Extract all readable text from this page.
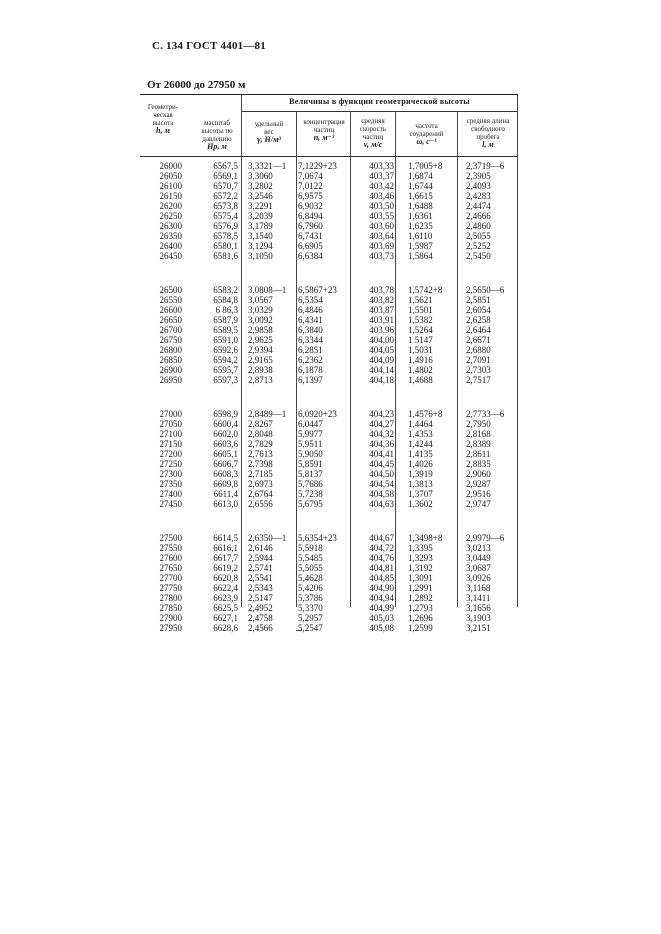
С. 134 ГОСТ 4401—81
От 26000 до 27950 м
Величины в функции геометрической высоты
Геометри-
ческая
высота
h, м
масштаб
высоты по
давлению
Hp, м
удельный
вес
γ, Н/м³
концентрация
частиц
n, м⁻³
средняя
скорость
частиц
v, м/с
частота
соударений
ω, с⁻¹
средняя длина
свободного
пробега
l, м
26000
26050
26100
26150
26200
26250
26300
26350
26400
26450
26500
26550
26600
26650
26700
26750
26800
26850
26900
26950
27000
27050
27100
27150
27200
27250
27300
27350
27400
27450
27500
27550
27600
27650
27700
27750
27800
27850
27900
27950
6567,5
6569,1
6570,7
6572,2
6573,8
6575,4
6576,9
6578,5
6580,1
6581,6
6583,2
6584,8
6 86,3
6587,9
6589,5
6591,0
6592,6
6594,2
6595,7
6597,3
6598,9
6600,4
6602,0
6603,6
6605,1
6606,7
6608,3
6609,8
6611,4
6613,0
6614,5
6616,1
6617,7
6619,2
6620,8
6622,4
6623,9
6625,5
6627,1
6628,6
3,3321—1
3,3060
3,2802
3,2546
3,2291
3,2039
3,1789
3,1540
3,1294
3,1050
3,0808—1
3,0567
3,0329
3,0092
2,9858
2,9625
2,9394
2,9165
2,8938
2,8713
2,8489—1
2,8267
2,8048
2,7829
2,7613
2,7398
2,7185
2,6973
2,6764
2,6556
2,6350—1
2,6146
2,5944
2,5741
2,5541
2,5343
2,5147
2,4952
2,4758
2,4566
7,1229+23
7,0674
7,0122
6,9575
6,9032
6,8494
6,7960
6,7431
6,6905
6,6384
6,5867+23
6,5354
6,4846
6,4341
6,3840
6,3344
6,2851
6,2362
6,1878
6,1397
6,0920+23
6,0447
5,9977
5,9511
5,9050
5,8591
5,8137
5,7686
5,7238
5,6795
5,6354+23
5,5918
5,5485
5,5055
5,4628
5,4206
5,3786
5,3370
5,2957
5,2547
403,33
403,37
403,42
403,46
403,50
403,55
403,60
403,64
403,69
403,73
403,78
403,82
403,87
403,91
403,96
404,00
404,05
404,09
404,14
404,18
404,23
404,27
404,32
404,36
404,41
404,45
404,50
404,54
404,58
404,63
404,67
404,72
404,76
404,81
404,85
404,90
404,94
404,99
405,03
405,08
1,7005+8
1,6874
1,6744
1,6615
1,6488
1,6361
1,6235
1,6110
1,5987
1,5864
1,5742+8
1,5621
1,5501
1,5382
1,5264
1 5147
1,5031
1,4916
1,4802
1,4688
1,4576+8
1,4464
1,4353
1,4244
1,4135
1,4026
1,3919
1,3813
1,3707
1,3602
1,3498+8
1,3395
1,3293
1,3192
1,3091
1,2991
1,2892
1,2793
1,2696
1,2599
2,3719—6
2,3905
2,4093
2,4283
2,4474
2,4666
2,4860
2,5055
2,5252
2,5450
2,5650—6
2,5851
2,6054
2,6258
2,6464
2,6671
2,6880
2,7091
2,7303
2,7517
2,7733—6
2,7950
2,8168
2,8389
2,8611
2,8835
2,9060
2,9287
2,9516
2,9747
2,9979—6
3,0213
3,0449
3,0687
3,0926
3,1168
3,1411
3,1656
3,1903
3,2151
